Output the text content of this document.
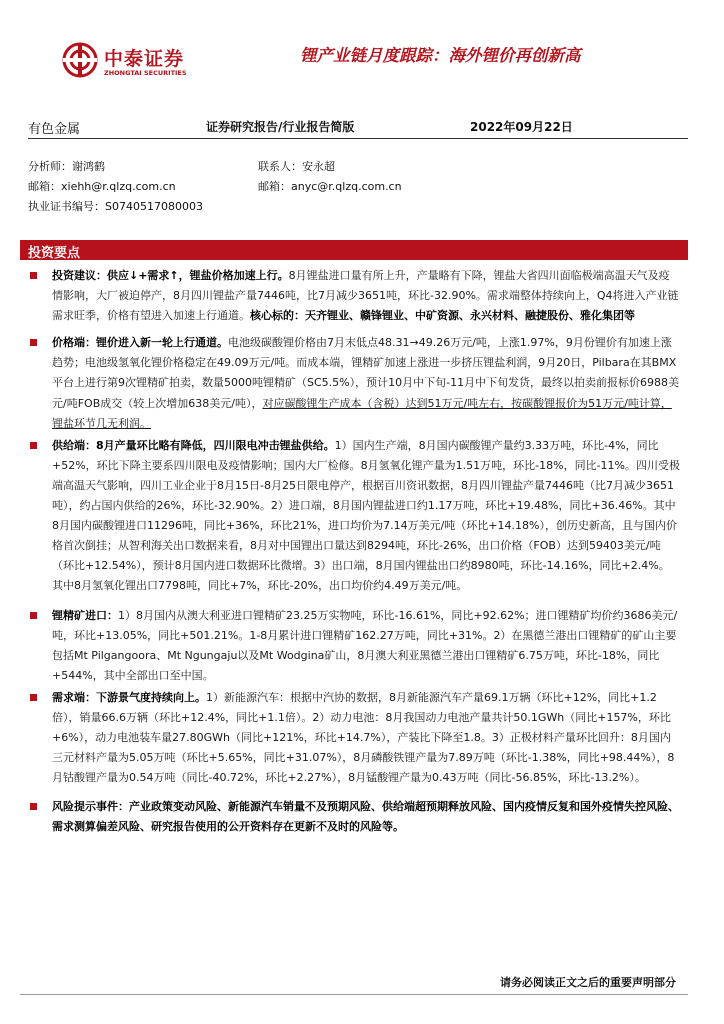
中泰证券
ZHONGTAI SECURITIES
锂产业链月度跟踪：海外锂价再创新高
有色金属	证券研究报告/行业报告简版	2022年09月22日
分析师：谢鸿鹤
邮箱：xiehh@r.qlzq.com.cn
执业证书编号：S0740517080003
联系人：安永超
邮箱：anyc@r.qlzq.com.cn
投资要点

投资建议：供应↓+需求↑，锂盐价格加速上行。8月锂盐进口量有所上升，产量略有下降，锂盐大省四川面临极端高温天气及疫情影响，大厂被迫停产，8月四川锂盐产量7446吨，比7月减少3651吨，环比-32.90%。需求端整体持续向上，Q4将进入产业链需求旺季，价格有望进入加速上行通道。核心标的：天齐锂业、赣锋锂业、中矿资源、永兴材料、融捷股份、雅化集团等

价格端：锂价进入新一轮上行通道。电池级碳酸锂价格由7月末低点48.31→49.26万元/吨，上涨1.97%，9月份锂价有加速上涨趋势；电池级氢氧化锂价格稳定在49.09万元/吨。而成本端，锂精矿加速上涨进一步挤压锂盐利润，9月20日，Pilbara在其BMX平台上进行第9次锂精矿拍卖，数量5000吨锂精矿（SC5.5%），预计10月中下旬-11月中下旬发货，最终以拍卖前报标价6988美元/吨FOB成交（较上次增加638美元/吨），对应碳酸锂生产成本（含税）达到51万元/吨左右，按碳酸锂报价为51万元/吨计算，锂盐环节几无利润。

供给端：8月产量环比略有降低，四川限电冲击锂盐供给。1）国内生产端，8月国内碳酸锂产量约3.33万吨，环比-4%，同比+52%，环比下降主要系四川限电及疫情影响；国内大厂检修。8月氢氧化锂产量为1.51万吨，环比-18%，同比-11%。四川受极端高温天气影响，四川工业企业于8月15日-8月25日限电停产，根据百川资讯数据，8月四川锂盐产量7446吨（比7月减少3651吨），约占国内供给的26%，环比-32.90%。2）进口端，8月国内锂盐进口约1.17万吨，环比+19.48%，同比+36.46%。其中8月国内碳酸锂进口11296吨，同比+36%，环比21%，进口均价为7.14万美元/吨（环比+14.18%），创历史新高，且与国内价格首次倒挂；从智利海关出口数据来看，8月对中国锂出口量达到8294吨，环比-26%，出口价格（FOB）达到59403美元/吨（环比+12.54%），预计8月国内进口数据环比微增。3）出口端，8月国内锂盐出口约8980吨，环比-14.16%，同比+2.4%。其中8月氢氧化锂出口7798吨，同比+7%，环比-20%，出口均价约4.49万美元/吨。

锂精矿进口：1）8月国内从澳大利亚进口锂精矿23.25万实物吨，环比-16.61%，同比+92.62%；进口锂精矿均价约3686美元/吨，环比+13.05%，同比+501.21%。1-8月累计进口锂精矿162.27万吨，同比+31%。2）在黑德兰港出口锂精矿的矿山主要包括Mt Pilgangoora、Mt Ngungaju以及Mt Wodgina矿山，8月澳大利亚黑德兰港出口锂精矿6.75万吨，环比-18%，同比+544%，其中全部出口至中国。

需求端：下游景气度持续向上。1）新能源汽车：根据中汽协的数据，8月新能源汽车产量69.1万辆（环比+12%，同比+1.2倍），销量66.6万辆（环比+12.4%，同比+1.1倍）。2）动力电池：8月我国动力电池产量共计50.1GWh（同比+157%，环比+6%），动力电池装车量27.80GWh（同比+121%，环比+14.7%），产装比下降至1.8。3）正极材料产量环比回升：8月国内三元材料产量为5.05万吨（环比+5.65%，同比+31.07%），8月磷酸铁锂产量为7.89万吨（环比-1.38%，同比+98.44%），8月钴酸锂产量为0.54万吨（同比-40.72%，环比+2.27%），8月锰酸锂产量为0.43万吨（同比-56.85%，环比-13.2%）。

风险提示事件：产业政策变动风险、新能源汽车销量不及预期风险、供给端超预期释放风险、国内疫情反复和国外疫情失控风险、需求测算偏差风险、研究报告使用的公开资料存在更新不及时的风险等。

请务必阅读正文之后的重要声明部分
